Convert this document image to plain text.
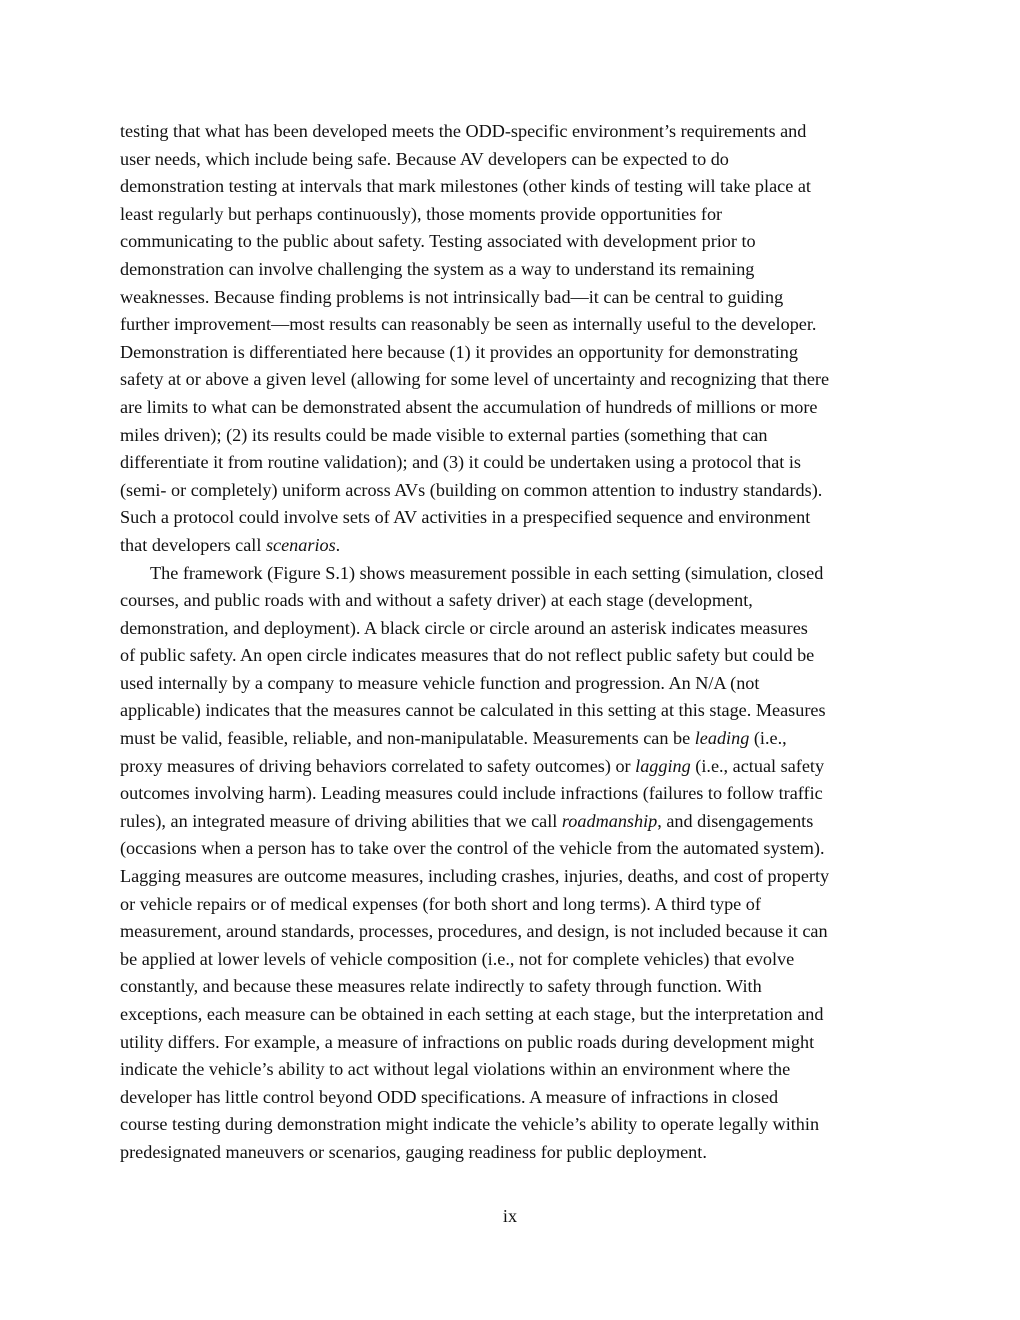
testing that what has been developed meets the ODD-specific environment’s requirements and
user needs, which include being safe. Because AV developers can be expected to do
demonstration testing at intervals that mark milestones (other kinds of testing will take place at
least regularly but perhaps continuously), those moments provide opportunities for
communicating to the public about safety. Testing associated with development prior to
demonstration can involve challenging the system as a way to understand its remaining
weaknesses. Because finding problems is not intrinsically bad—it can be central to guiding
further improvement—most results can reasonably be seen as internally useful to the developer.
Demonstration is differentiated here because (1) it provides an opportunity for demonstrating
safety at or above a given level (allowing for some level of uncertainty and recognizing that there
are limits to what can be demonstrated absent the accumulation of hundreds of millions or more
miles driven); (2) its results could be made visible to external parties (something that can
differentiate it from routine validation); and (3) it could be undertaken using a protocol that is
(semi- or completely) uniform across AVs (building on common attention to industry standards).
Such a protocol could involve sets of AV activities in a prespecified sequence and environment
that developers call scenarios.
The framework (Figure S.1) shows measurement possible in each setting (simulation, closed
courses, and public roads with and without a safety driver) at each stage (development,
demonstration, and deployment). A black circle or circle around an asterisk indicates measures
of public safety. An open circle indicates measures that do not reflect public safety but could be
used internally by a company to measure vehicle function and progression. An N/A (not
applicable) indicates that the measures cannot be calculated in this setting at this stage. Measures
must be valid, feasible, reliable, and non-manipulatable. Measurements can be leading (i.e.,
proxy measures of driving behaviors correlated to safety outcomes) or lagging (i.e., actual safety
outcomes involving harm). Leading measures could include infractions (failures to follow traffic
rules), an integrated measure of driving abilities that we call roadmanship, and disengagements
(occasions when a person has to take over the control of the vehicle from the automated system).
Lagging measures are outcome measures, including crashes, injuries, deaths, and cost of property
or vehicle repairs or of medical expenses (for both short and long terms). A third type of
measurement, around standards, processes, procedures, and design, is not included because it can
be applied at lower levels of vehicle composition (i.e., not for complete vehicles) that evolve
constantly, and because these measures relate indirectly to safety through function. With
exceptions, each measure can be obtained in each setting at each stage, but the interpretation and
utility differs. For example, a measure of infractions on public roads during development might
indicate the vehicle’s ability to act without legal violations within an environment where the
developer has little control beyond ODD specifications. A measure of infractions in closed
course testing during demonstration might indicate the vehicle’s ability to operate legally within
predesignated maneuvers or scenarios, gauging readiness for public deployment.
ix
